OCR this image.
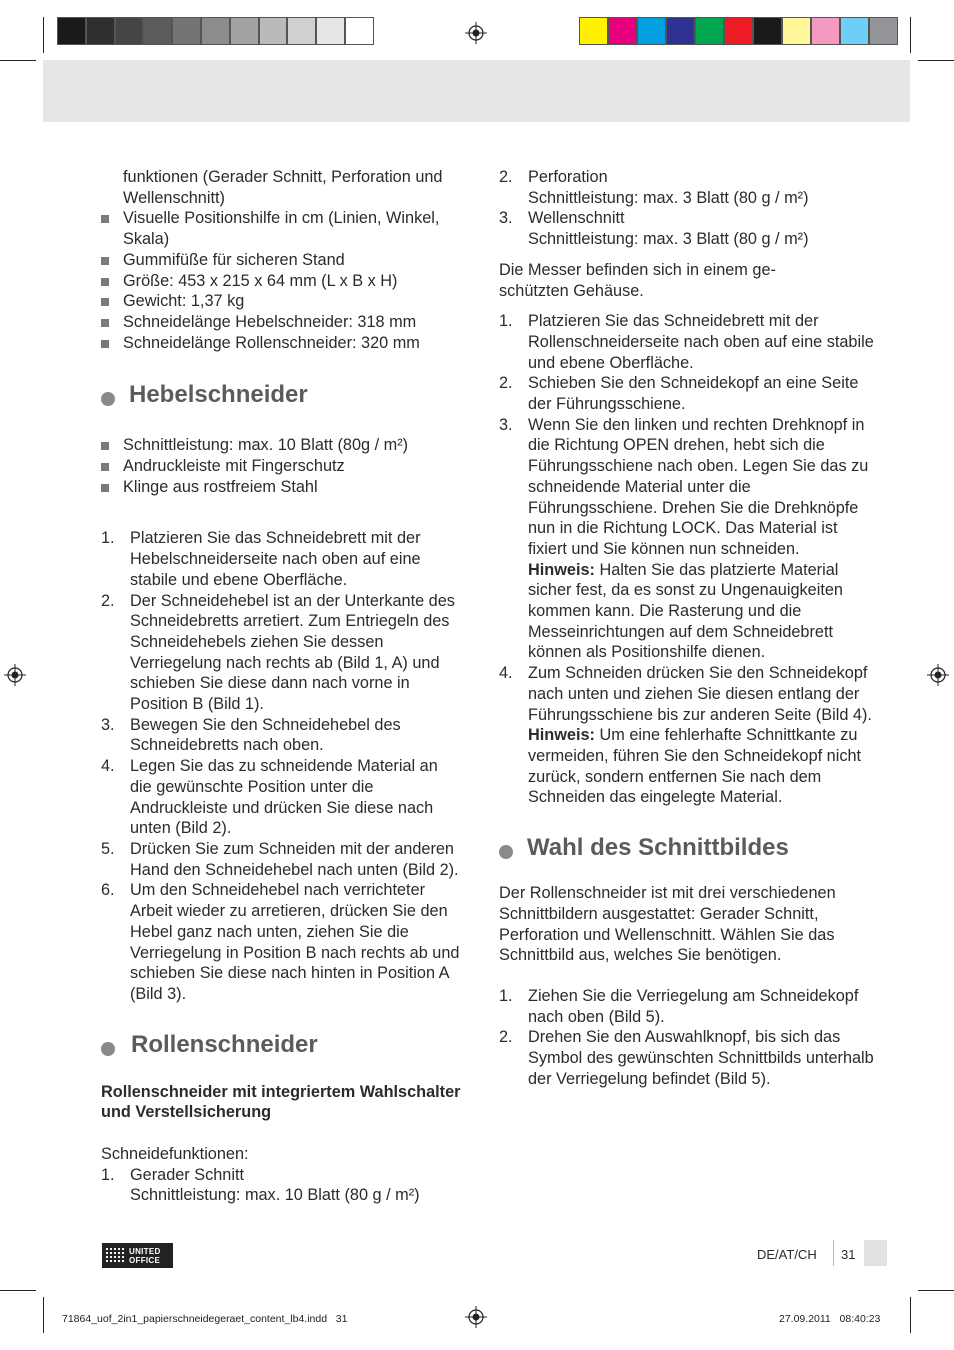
funktionen (Gerader Schnitt, Perforation und Wellenschnitt)

Visuelle Positionshilfe in cm (Linien, Winkel, Skala)

Gummifüße für sicheren Stand

Größe: 453 x 215 x 64 mm (L x B x H)

Gewicht: 1,37 kg

Schneidelänge Hebelschneider: 318 mm

Schneidelänge Rollenschneider: 320 mm

Hebelschneider

Schnittleistung: max. 10 Blatt (80g / m²)

Andruckleiste mit Fingerschutz

Klinge aus rostfreiem Stahl

1. Platzieren Sie das Schneidebrett mit der Hebelschneiderseite nach oben auf eine stabile und ebene Oberfläche.
2. Der Schneidehebel ist an der Unterkante des Schneidebretts arretiert. Zum Entriegeln des Schneidehebels ziehen Sie dessen Verriegelung nach rechts ab (Bild 1, A) und schieben Sie diese dann nach vorne in Position B (Bild 1).
3. Bewegen Sie den Schneidehebel des Schneidebretts nach oben.
4. Legen Sie das zu schneidende Material an die gewünschte Position unter die Andruckleiste und drücken Sie diese nach unten (Bild 2).
5. Drücken Sie zum Schneiden mit der anderen Hand den Schneidehebel nach unten (Bild 2).
6. Um den Schneidehebel nach verrichteter Arbeit wieder zu arretieren, drücken Sie den Hebel ganz nach unten, ziehen Sie die Verriegelung in Position B nach rechts ab und schieben Sie diese nach hinten in Position A (Bild 3).
Rollenschneider

Rollenschneider mit integriertem Wahlschalter und Verstellsicherung

Schneidefunktionen:

1. Gerader Schnitt
Schnittleistung: max. 10 Blatt (80 g / m²)
2. Perforation
Schnittleistung: max. 3 Blatt (80 g / m²)
3. Wellenschnitt
Schnittleistung: max. 3 Blatt (80 g / m²)

Die Messer befinden sich in einem geschützten Gehäuse.

1. Platzieren Sie das Schneidebrett mit der Rollenschneiderseite nach oben auf eine stabile und ebene Oberfläche.
2. Schieben Sie den Schneidekopf an eine Seite der Führungsschiene.
3. Wenn Sie den linken und rechten Drehknopf in die Richtung OPEN drehen, hebt sich die Führungsschiene nach oben. Legen Sie das zu schneidende Material unter die Führungsschiene. Drehen Sie die Drehknöpfe nun in die Richtung LOCK. Das Material ist fixiert und Sie können nun schneiden.
Hinweis: Halten Sie das platzierte Material sicher fest, da es sonst zu Ungenauigkeiten kommen kann. Die Rasterung und die Messeinrichtungen auf dem Schneidebrett können als Positionshilfe dienen.
4. Zum Schneiden drücken Sie den Schneidekopf nach unten und ziehen Sie diesen entlang der Führungsschiene bis zur anderen Seite (Bild 4).
Hinweis: Um eine fehlerhafte Schnittkante zu vermeiden, führen Sie den Schneidekopf nicht zurück, sondern entfernen Sie nach dem Schneiden das eingelegte Material.
Wahl des Schnittbildes

Der Rollenschneider ist mit drei verschiedenen Schnittbildern ausgestattet: Gerader Schnitt, Perforation und Wellenschnitt. Wählen Sie das Schnittbild aus, welches Sie benötigen.

1. Ziehen Sie die Verriegelung am Schneidekopf nach oben (Bild 5).
2. Drehen Sie den Auswahlknopf, bis sich das Symbol des gewünschten Schnittbilds unterhalb der Verriegelung befindet (Bild 5).
UNITED
OFFICE	DE/AT/CH 31
71864_uof_2in1_papierschneidegeraet_content_lb4.indd   31	27.09.2011   08:40:23
